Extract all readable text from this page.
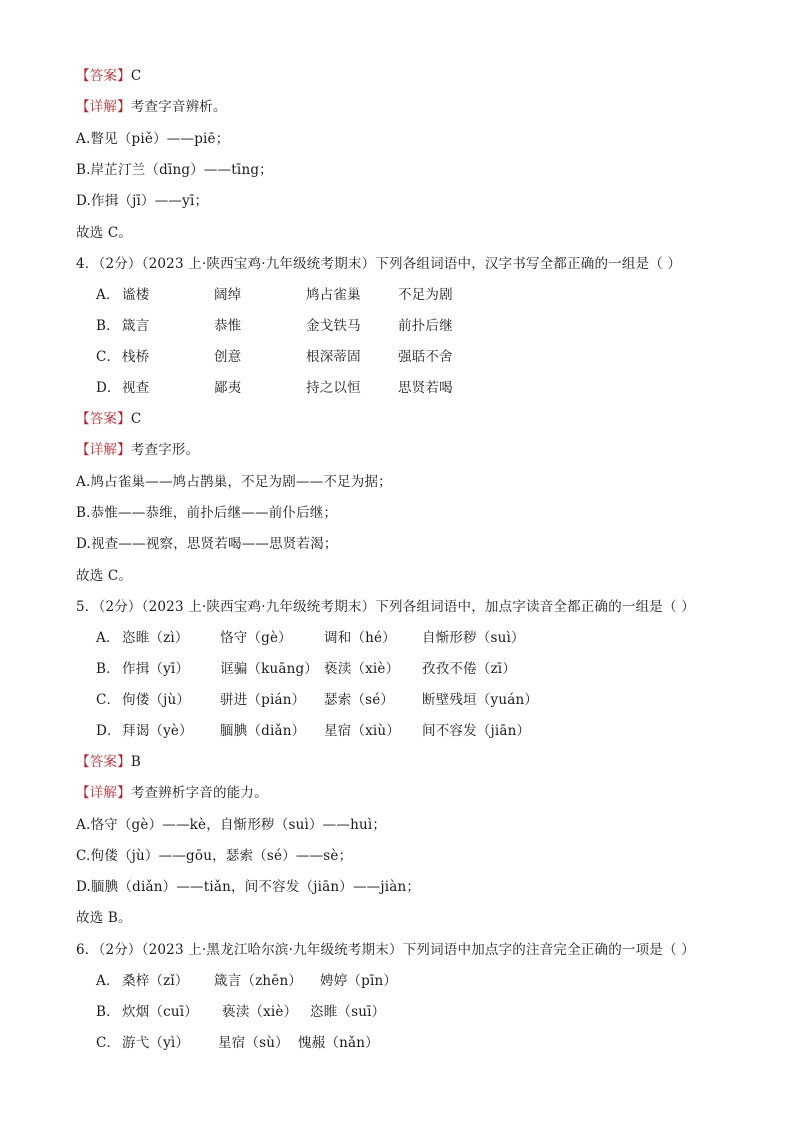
【答案】C
【详解】考查字音辨析。
A.瞥见（piě）——piē；
B.岸芷汀兰（dīng）——tīng；
D.作揖（jī）——yī；
故选 C。
4．（2分）（2023 上·陕西宝鸡·九年级统考期末）下列各组词语中，汉字书写全都正确的一组是（ ）
A． 谧楼	阔绰	鸠占雀巢	不足为剧
B． 箴言	恭惟	金戈铁马	前扑后继
C． 栈桥	创意	根深蒂固	强聒不舍
D．视查	鄙夷	持之以恒	思贤若喝
【答案】C
【详解】考查字形。
A.鸠占雀巢——鸠占鹊巢，不足为剧——不足为据；
B.恭惟——恭维，前扑后继——前仆后继；
D.视查——视察，思贤若喝——思贤若渴；
故选 C。
5．（2分）（2023 上·陕西宝鸡·九年级统考期末）下列各组词语中，加点字读音全都正确的一组是（ ）
A． 恣睢（zì） 恪守（gè） 调和（hé） 自惭形秽（suì）
B． 作揖（yī） 诓骗（kuāng） 亵渎（xiè） 孜孜不倦（zī）
C． 佝偻（jù） 骈进（pián） 瑟索（sé） 断壁残垣（yuán）
D．拜谒（yè） 腼腆（diǎn） 星宿（xiù） 间不容发（jiān）
【答案】B
【详解】考查辨析字音的能力。
A.恪守（gè）——kè，自惭形秽（suì）——huì；
C.佝偻（jù）——gōu，瑟索（sé）——sè；
D.腼腆（diǎn）——tiǎn，间不容发（jiān）——jiàn；
故选 B。
6．（2分）（2023 上·黑龙江哈尔滨·九年级统考期末）下列词语中加点字的注音完全正确的一项是（ ）
A． 桑梓（zǐ） 箴言（zhēn） 娉婷（pīn）
B． 炊烟（cuī） 亵渎（xiè） 恣睢（suī）
C． 游弋（yì） 星宿（sù） 愧赧（nǎn）
